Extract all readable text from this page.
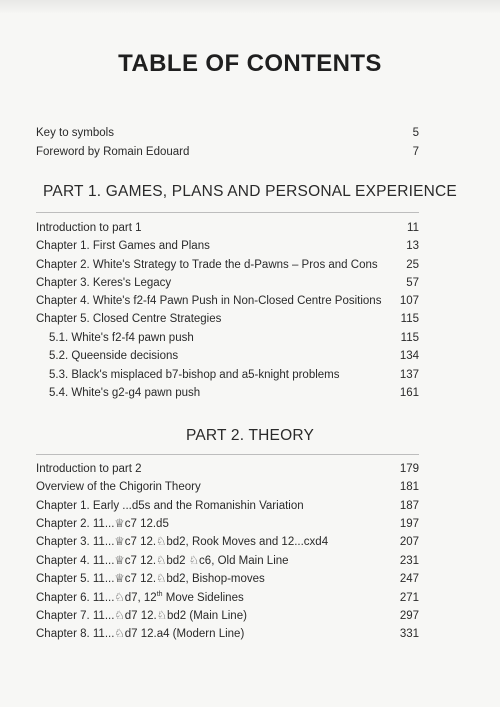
TABLE OF CONTENTS
Key to symbols	5
Foreword by Romain Edouard	7
PART 1. GAMES, PLANS AND PERSONAL EXPERIENCE
Introduction to part 1	11
Chapter 1. First Games and Plans	13
Chapter 2. White's Strategy to Trade the d-Pawns – Pros and Cons 25
Chapter 3. Keres's Legacy	57
Chapter 4. White's f2-f4 Pawn Push in Non-Closed Centre Positions 107
Chapter 5. Closed Centre Strategies	115
5.1. White's f2-f4 pawn push	115
5.2. Queenside decisions	134
5.3. Black's misplaced b7-bishop and a5-knight problems	137
5.4. White's g2-g4 pawn push	161
PART 2. THEORY
Introduction to part 2	179
Overview of the Chigorin Theory	181
Chapter 1. Early ...d5s and the Romanishin Variation	187
Chapter 2. 11...♕c7 12.d5	197
Chapter 3. 11...♕c7 12.♘bd2, Rook Moves and 12...cxd4	207
Chapter 4. 11...♕c7 12.♘bd2 ♘c6, Old Main Line	231
Chapter 5. 11...♕c7 12.♘bd2, Bishop-moves	247
Chapter 6. 11...♘d7, 12th Move Sidelines	271
Chapter 7. 11...♘d7 12.♘bd2 (Main Line)	297
Chapter 8. 11...♘d7 12.a4 (Modern Line)	331
